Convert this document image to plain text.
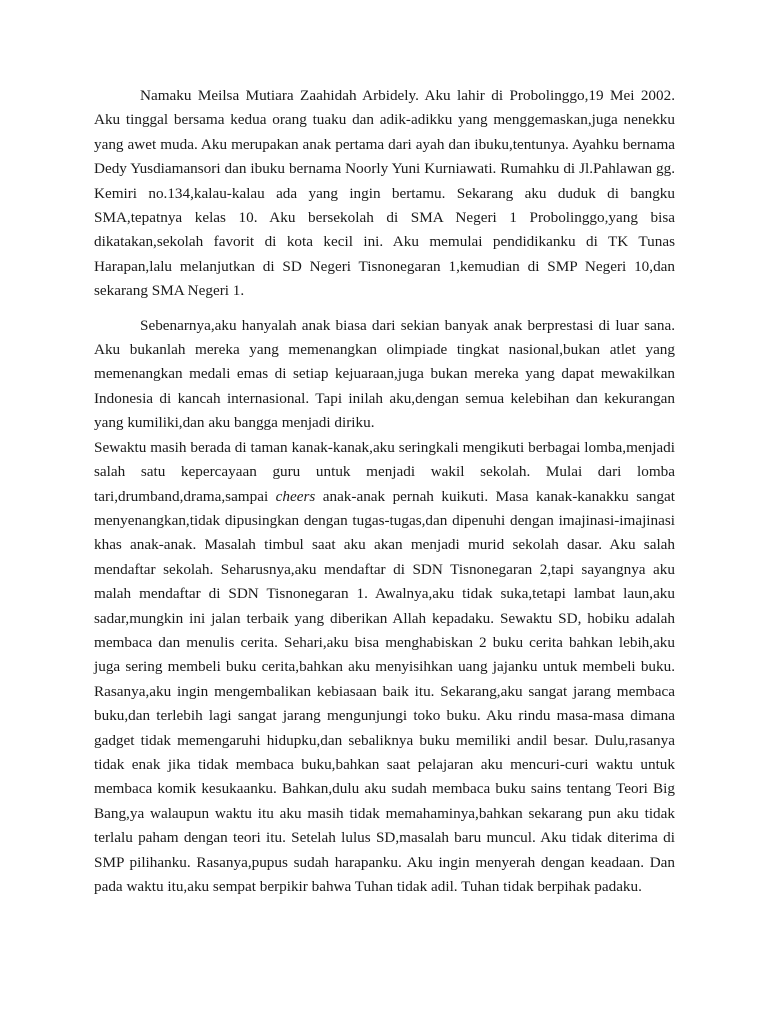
Namaku Meilsa Mutiara Zaahidah Arbidely. Aku lahir di Probolinggo,19 Mei 2002. Aku tinggal bersama kedua orang tuaku dan adik-adikku yang menggemaskan,juga nenekku yang awet muda. Aku merupakan anak pertama dari ayah dan ibuku,tentunya. Ayahku bernama Dedy Yusdiamansori dan ibuku bernama Noorly Yuni Kurniawati. Rumahku di Jl.Pahlawan gg. Kemiri no.134,kalau-kalau ada yang ingin bertamu. Sekarang aku duduk di bangku SMA,tepatnya kelas 10. Aku bersekolah di SMA Negeri 1 Probolinggo,yang bisa dikatakan,sekolah favorit di kota kecil ini. Aku memulai pendidikanku di TK Tunas Harapan,lalu melanjutkan di SD Negeri Tisnonegaran 1,kemudian di SMP Negeri 10,dan sekarang SMA Negeri 1.

Sebenarnya,aku hanyalah anak biasa dari sekian banyak anak berprestasi di luar sana. Aku bukanlah mereka yang memenangkan olimpiade tingkat nasional,bukan atlet yang memenangkan medali emas di setiap kejuaraan,juga bukan mereka yang dapat mewakilkan Indonesia di kancah internasional. Tapi inilah aku,dengan semua kelebihan dan kekurangan yang kumiliki,dan aku bangga menjadi diriku.

Sewaktu masih berada di taman kanak-kanak,aku seringkali mengikuti berbagai lomba,menjadi salah satu kepercayaan guru untuk menjadi wakil sekolah. Mulai dari lomba tari,drumband,drama,sampai cheers anak-anak pernah kuikuti. Masa kanak-kanakku sangat menyenangkan,tidak dipusingkan dengan tugas-tugas,dan dipenuhi dengan imajinasi-imajinasi khas anak-anak. Masalah timbul saat aku akan menjadi murid sekolah dasar. Aku salah mendaftar sekolah. Seharusnya,aku mendaftar di SDN Tisnonegaran 2,tapi sayangnya aku malah mendaftar di SDN Tisnonegaran 1. Awalnya,aku tidak suka,tetapi lambat laun,aku sadar,mungkin ini jalan terbaik yang diberikan Allah kepadaku. Sewaktu SD, hobiku adalah membaca dan menulis cerita. Sehari,aku bisa menghabiskan 2 buku cerita bahkan lebih,aku juga sering membeli buku cerita,bahkan aku menyisihkan uang jajanku untuk membeli buku. Rasanya,aku ingin mengembalikan kebiasaan baik itu. Sekarang,aku sangat jarang membaca buku,dan terlebih lagi sangat jarang mengunjungi toko buku. Aku rindu masa-masa dimana gadget tidak memengaruhi hidupku,dan sebaliknya buku memiliki andil besar. Dulu,rasanya tidak enak jika tidak membaca buku,bahkan saat pelajaran aku mencuri-curi waktu untuk membaca komik kesukaanku. Bahkan,dulu aku sudah membaca buku sains tentang Teori Big Bang,ya walaupun waktu itu aku masih tidak memahaminya,bahkan sekarang pun aku tidak terlalu paham dengan teori itu. Setelah lulus SD,masalah baru muncul. Aku tidak diterima di SMP pilihanku. Rasanya,pupus sudah harapanku. Aku ingin menyerah dengan keadaan. Dan pada waktu itu,aku sempat berpikir bahwa Tuhan tidak adil. Tuhan tidak berpihak padaku.
